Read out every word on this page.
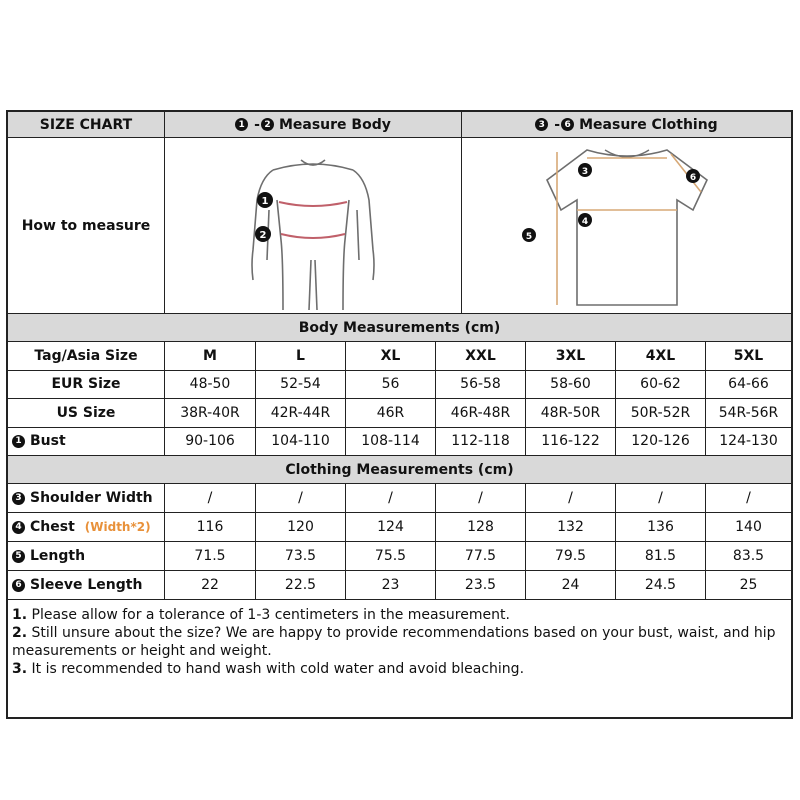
SIZE CHART	1 - 2 Measure Body	3 - 6 Measure Clothing
How to measure
1
2
3
6
4
5
Body Measurements (cm)
Tag/Asia Size	M	L	XL	XXL	3XL	4XL	5XL
EUR Size	48-50	52-54	56	56-58	58-60	60-62	64-66
US Size	38R-40R	42R-44R	46R	46R-48R	48R-50R	50R-52R	54R-56R
1 Bust	90-106	104-110	108-114	112-118	116-122	120-126	124-130
Clothing Measurements (cm)
3 Shoulder Width	/	/	/	/	/	/	/
4 Chest (Width*2)	116	120	124	128	132	136	140
5 Length	71.5	73.5	75.5	77.5	79.5	81.5	83.5
6 Sleeve Length	22	22.5	23	23.5	24	24.5	25
1. Please allow for a tolerance of 1-3 centimeters in the measurement.
2. Still unsure about the size? We are happy to provide recommendations based on your bust, waist, and hip measurements or height and weight.
3. It is recommended to hand wash with cold water and avoid bleaching.
